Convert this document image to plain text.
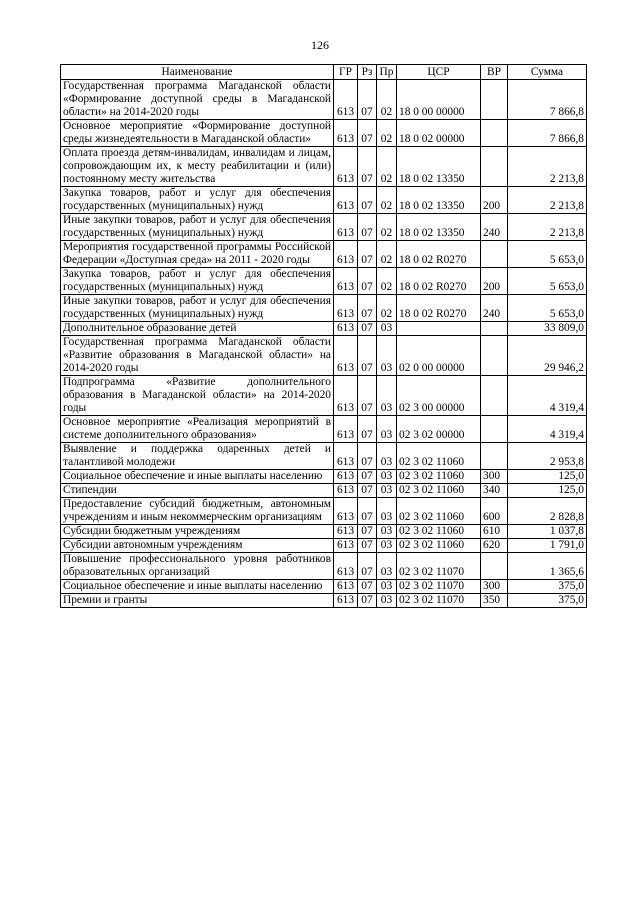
126
Наименование	ГР	Рз	Пр	ЦСР	ВР	Сумма
Государственная программа Магаданской области «Формирование доступной среды в Магаданской области» на 2014-2020 годы	613	07	02	18 0 00 00000		7 866,8
Основное мероприятие «Формирование доступной среды жизнедеятельности в Магаданской области»	613	07	02	18 0 02 00000		7 866,8
Оплата проезда детям-инвалидам, инвалидам и лицам, сопровождающим их, к месту реабилитации и (или) постоянному месту жительства	613	07	02	18 0 02 13350		2 213,8
Закупка товаров, работ и услуг для обеспечения государственных (муниципальных) нужд	613	07	02	18 0 02 13350	200	2 213,8
Иные закупки товаров, работ и услуг для обеспечения государственных (муниципальных) нужд	613	07	02	18 0 02 13350	240	2 213,8
Мероприятия государственной программы Российской Федерации «Доступная среда» на 2011 - 2020 годы	613	07	02	18 0 02 R0270		5 653,0
Закупка товаров, работ и услуг для обеспечения государственных (муниципальных) нужд	613	07	02	18 0 02 R0270	200	5 653,0
Иные закупки товаров, работ и услуг для обеспечения государственных (муниципальных) нужд	613	07	02	18 0 02 R0270	240	5 653,0
Дополнительное образование детей	613	07	03			33 809,0
Государственная программа Магаданской области «Развитие образования в Магаданской области» на 2014-2020 годы	613	07	03	02 0 00 00000		29 946,2
Подпрограмма «Развитие дополнительного образования в Магаданской области» на 2014-2020 годы	613	07	03	02 3 00 00000		4 319,4
Основное мероприятие «Реализация мероприятий в системе дополнительного образования»	613	07	03	02 3 02 00000		4 319,4
Выявление и поддержка одаренных детей и талантливой молодежи	613	07	03	02 3 02 11060		2 953,8
Социальное обеспечение и иные выплаты населению	613	07	03	02 3 02 11060	300	125,0
Стипендии	613	07	03	02 3 02 11060	340	125,0
Предоставление субсидий бюджетным, автономным учреждениям и иным некоммерческим организациям	613	07	03	02 3 02 11060	600	2 828,8
Субсидии бюджетным учреждениям	613	07	03	02 3 02 11060	610	1 037,8
Субсидии автономным учреждениям	613	07	03	02 3 02 11060	620	1 791,0
Повышение профессионального уровня работников образовательных организаций	613	07	03	02 3 02 11070		1 365,6
Социальное обеспечение и иные выплаты населению	613	07	03	02 3 02 11070	300	375,0
Премии и гранты	613	07	03	02 3 02 11070	350	375,0
